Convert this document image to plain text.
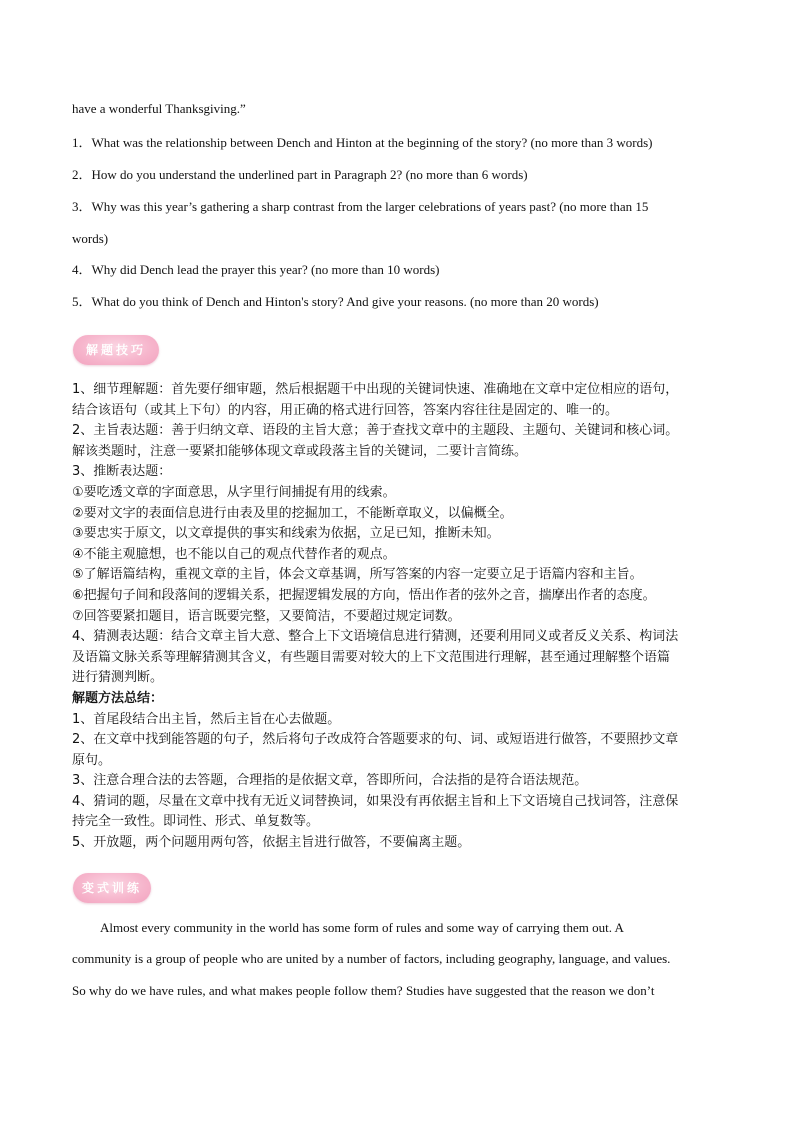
have a wonderful Thanksgiving.”
1．What was the relationship between Dench and Hinton at the beginning of the story? (no more than 3 words)
2．How do you understand the underlined part in Paragraph 2? (no more than 6 words)
3．Why was this year’s gathering a sharp contrast from the larger celebrations of years past? (no more than 15
words)
4．Why did Dench lead the prayer this year? (no more than 10 words)
5．What do you think of Dench and Hinton's story? And give your reasons. (no more than 20 words)
解题技巧

1、细节理解题：首先要仔细审题，然后根据题干中出现的关键词快速、准确地在文章中定位相应的语句，

结合该语句（或其上下句）的内容，用正确的格式进行回答，答案内容往往是固定的、唯一的。

2、主旨表达题：善于归纳文章、语段的主旨大意；善于查找文章中的主题段、主题句、关键词和核心词。

解该类题时，注意一要紧扣能够体现文章或段落主旨的关键词，二要计言简练。

3、推断表达题：

①要吃透文章的字面意思，从字里行间捕捉有用的线索。

②要对文字的表面信息进行由表及里的挖掘加工，不能断章取义，以偏概全。

③要忠实于原文，以文章提供的事实和线索为依据，立足已知，推断未知。

④不能主观臆想，也不能以自己的观点代替作者的观点。

⑤了解语篇结构，重视文章的主旨，体会文章基调，所写答案的内容一定要立足于语篇内容和主旨。

⑥把握句子间和段落间的逻辑关系，把握逻辑发展的方向，悟出作者的弦外之音，揣摩出作者的态度。

⑦回答要紧扣题目，语言既要完整，又要简洁，不要超过规定词数。

4、猜测表达题：结合文章主旨大意、整合上下文语境信息进行猜测，还要利用同义或者反义关系、构词法

及语篇文脉关系等理解猜测其含义，有些题目需要对较大的上下文范围进行理解，甚至通过理解整个语篇

进行猜测判断。

解题方法总结：

1、首尾段结合出主旨，然后主旨在心去做题。

2、在文章中找到能答题的句子，然后将句子改成符合答题要求的句、词、或短语进行做答，不要照抄文章

原句。

3、注意合理合法的去答题，合理指的是依据文章，答即所问，合法指的是符合语法规范。

4、猜词的题，尽量在文章中找有无近义词替换词，如果没有再依据主旨和上下文语境自己找词答，注意保

持完全一致性。即词性、形式、单复数等。

5、开放题，两个问题用两句答，依据主旨进行做答，不要偏离主题。

变式训练
Almost every community in the world has some form of rules and some way of carrying them out. A
community is a group of people who are united by a number of factors, including geography, language, and values.
So why do we have rules, and what makes people follow them? Studies have suggested that the reason we don’t
